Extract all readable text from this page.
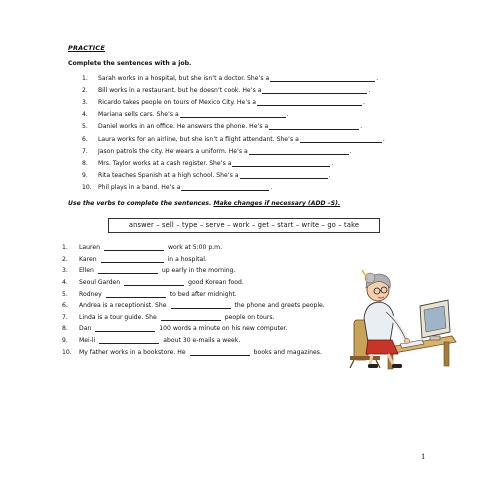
PRACTICE
Complete the sentences with a job.
1.	Sarah works in a hospital, but she isn’t a doctor. She’s a	.
2.	Bill works in a restaurant, but he doesn’t cook. He’s a	.
3.	Ricardo takes people on tours of Mexico City. He’s a	.
4.	Mariana sells cars. She’s a	.
5.	Daniel works in an office. He answers the phone. He’s a	.
6.	Laura works for an airline, but she isn’t a flight attendant. She’s a	.
7.	Jason patrols the city. He wears a uniform. He’s a	.
8.	Mrs. Taylor works at a cash register. She’s a	.
9.	Rita teaches Spanish at a high school. She’s a	.
10.	Phil plays in a band. He’s a	.
Use the verbs to complete the sentences. Make changes if necessary (ADD –S).
answer – sell – type – serve – work – get – start – write – go – take
1.	Lauren	work at 5:00 p.m.
2.	Karen	in a hospital.
3.	Ellen	up early in the morning.
4.	Seoul Garden	good Korean food.
5.	Rodney	to bed after midnight.
6.	Andrea is a receptionist. She	the phone and greets people.
7.	Linda is a tour guide. She	people on tours.
8.	Dan	100 words a minute on his new computer.
9.	Mei-li	about 30 e-mails a week.
10.	My father works in a bookstore. He	books and magazines.
1
